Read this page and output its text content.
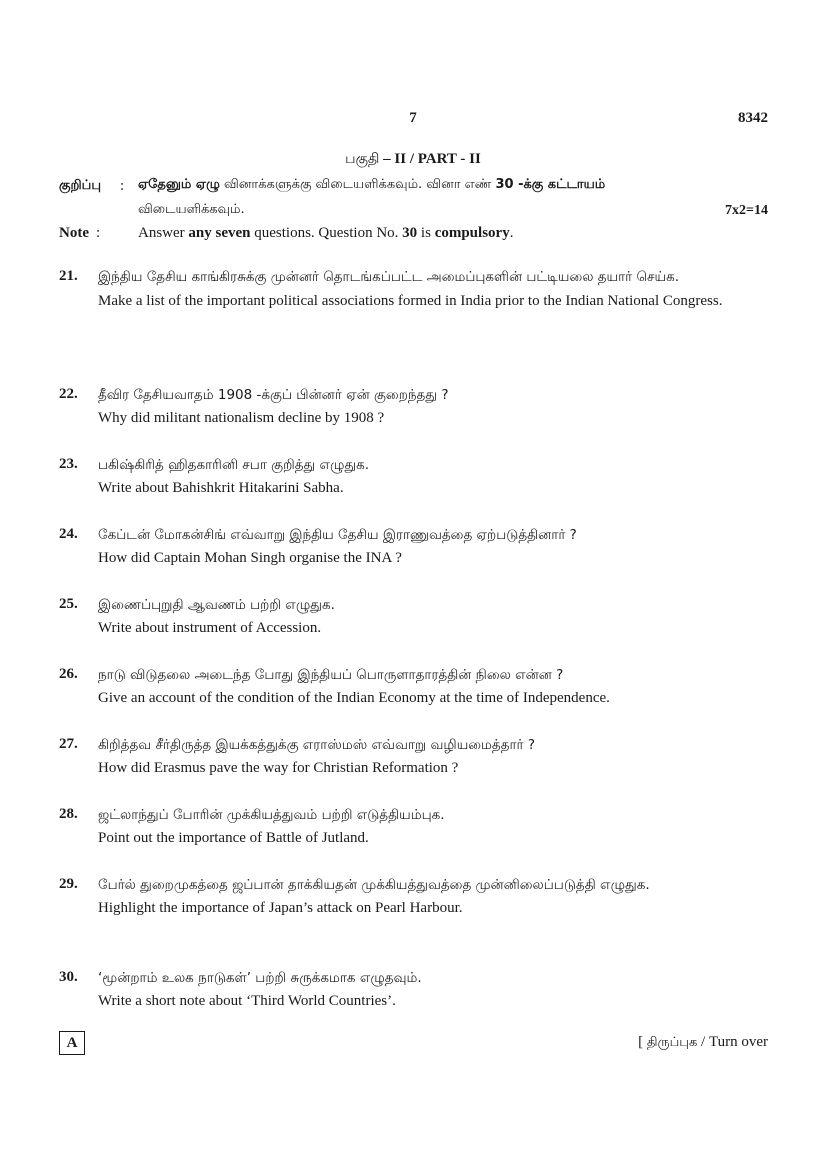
7	8342
பகுதி – II / PART - II
குறிப்பு : ஏதேனும் ஏழு வினாக்களுக்கு விடையளிக்கவும். வினா எண் 30 -க்கு கட்டாயம்
விடையளிக்கவும்.	7x2=14
Note :	Answer any seven questions. Question No. 30 is compulsory.
21. இந்திய தேசிய காங்கிரசுக்கு முன்னர் தொடங்கப்பட்ட அமைப்புகளின் பட்டியலை தயார் செய்க.

Make a list of the important political associations formed in India prior to the Indian National Congress.

22. தீவிர தேசியவாதம் 1908 -க்குப் பின்னர் ஏன் குறைந்தது ?

Why did militant nationalism decline by 1908 ?

23. பகிஷ்கிரித் ஹிதகாரினி சபா குறித்து எழுதுக.

Write about Bahishkrit Hitakarini Sabha.

24. கேப்டன் மோகன்சிங் எவ்வாறு இந்திய தேசிய இராணுவத்தை ஏற்படுத்தினார் ?

How did Captain Mohan Singh organise the INA ?

25. இணைப்புறுதி ஆவணம் பற்றி எழுதுக.

Write about instrument of Accession.

26. நாடு விடுதலை அடைந்த போது இந்தியப் பொருளாதாரத்தின் நிலை என்ன ?

Give an account of the condition of the Indian Economy at the time of Independence.

27. கிறித்தவ சீர்திருத்த இயக்கத்துக்கு எராஸ்மஸ் எவ்வாறு வழியமைத்தார் ?

How did Erasmus pave the way for Christian Reformation ?

28. ஜட்லாந்துப் போரின் முக்கியத்துவம் பற்றி எடுத்தியம்புக.

Point out the importance of Battle of Jutland.

29. பேர்ல் துறைமுகத்தை ஜப்பான் தாக்கியதன் முக்கியத்துவத்தை முன்னிலைப்படுத்தி எழுதுக.

Highlight the importance of Japan’s attack on Pearl Harbour.

30. ‘மூன்றாம் உலக நாடுகள்’ பற்றி சுருக்கமாக எழுதவும்.

Write a short note about ‘Third World Countries’.

A	[ திருப்புக / Turn over
